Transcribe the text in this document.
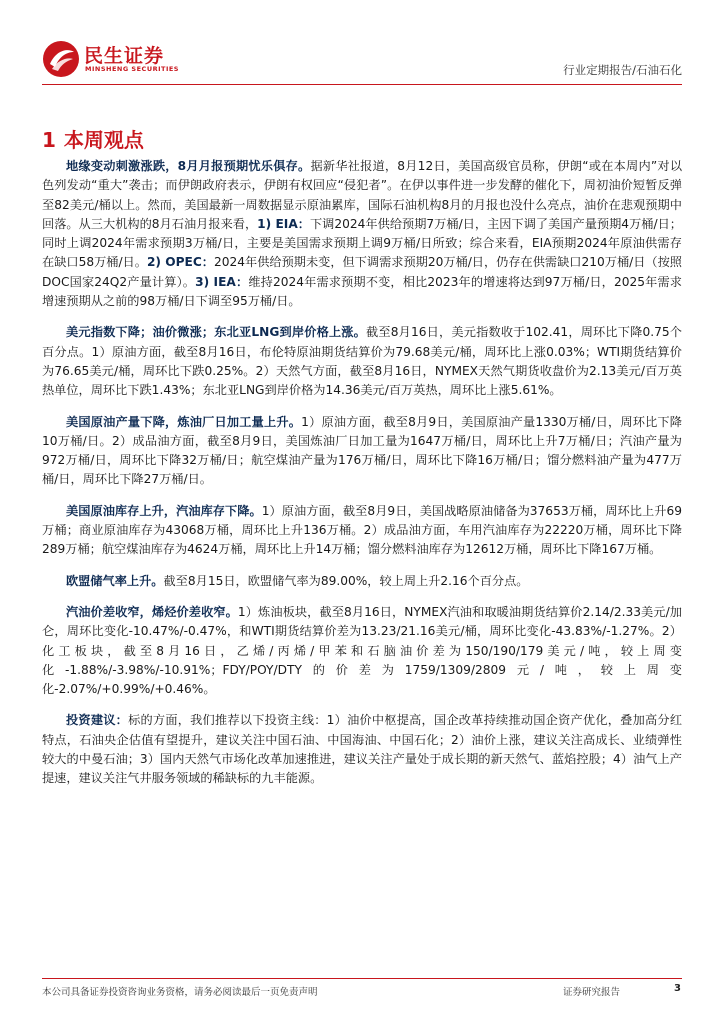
民生证券
MINSHENG SECURITIES	行业定期报告/石油石化
1 本周观点

地缘变动刺激涨跌，8月月报预期忧乐俱存。据新华社报道，8月12日，美国高级官员称，伊朗“或在本周内”对以色列发动“重大”袭击；而伊朗政府表示，伊朗有权回应“侵犯者”。在伊以事件进一步发酵的催化下，周初油价短暂反弹至82美元/桶以上。然而，美国最新一周数据显示原油累库，国际石油机构8月的月报也没什么亮点，油价在悲观预期中回落。从三大机构的8月石油月报来看，1) EIA：下调2024年供给预期7万桶/日，主因下调了美国产量预期4万桶/日；同时上调2024年需求预期3万桶/日，主要是美国需求预期上调9万桶/日所致；综合来看，EIA预期2024年原油供需存在缺口58万桶/日。2) OPEC：2024年供给预期未变，但下调需求预期20万桶/日，仍存在供需缺口210万桶/日（按照DOC国家24Q2产量计算）。3) IEA：维持2024年需求预期不变，相比2023年的增速将达到97万桶/日，2025年需求增速预期从之前的98万桶/日下调至95万桶/日。

美元指数下降；油价微涨；东北亚LNG到岸价格上涨。截至8月16日，美元指数收于102.41，周环比下降0.75个百分点。1）原油方面，截至8月16日，布伦特原油期货结算价为79.68美元/桶，周环比上涨0.03%；WTI期货结算价为76.65美元/桶，周环比下跌0.25%。2）天然气方面，截至8月16日，NYMEX天然气期货收盘价为2.13美元/百万英热单位，周环比下跌1.43%；东北亚LNG到岸价格为14.36美元/百万英热，周环比上涨5.61%。

美国原油产量下降，炼油厂日加工量上升。1）原油方面，截至8月9日，美国原油产量1330万桶/日，周环比下降10万桶/日。2）成品油方面，截至8月9日，美国炼油厂日加工量为1647万桶/日，周环比上升7万桶/日；汽油产量为972万桶/日，周环比下降32万桶/日；航空煤油产量为176万桶/日，周环比下降16万桶/日；馏分燃料油产量为477万桶/日，周环比下降27万桶/日。

美国原油库存上升，汽油库存下降。1）原油方面，截至8月9日，美国战略原油储备为37653万桶，周环比上升69万桶；商业原油库存为43068万桶，周环比上升136万桶。2）成品油方面，车用汽油库存为22220万桶，周环比下降289万桶；航空煤油库存为4624万桶，周环比上升14万桶；馏分燃料油库存为12612万桶，周环比下降167万桶。

欧盟储气率上升。截至8月15日，欧盟储气率为89.00%，较上周上升2.16个百分点。

汽油价差收窄，烯烃价差收窄。1）炼油板块，截至8月16日，NYMEX汽油和取暖油期货结算价2.14/2.33美元/加仑，周环比变化-10.47%/-0.47%，和WTI期货结算价差为13.23/21.16美元/桶，周环比变化-43.83%/-1.27%。2）化工板块，截至8月16日，乙烯/丙烯/甲苯和石脑油价差为150/190/179美元/吨，较上周变化-1.88%/-3.98%/-10.91%；FDY/POY/DTY的价差为1759/1309/2809元/吨，较上周变化-2.07%/+0.99%/+0.46%。

投资建议：标的方面，我们推荐以下投资主线：1）油价中枢提高，国企改革持续推动国企资产优化，叠加高分红特点，石油央企估值有望提升，建议关注中国石油、中国海油、中国石化；2）油价上涨，建议关注高成长、业绩弹性较大的中曼石油；3）国内天然气市场化改革加速推进，建议关注产量处于成长期的新天然气、蓝焰控股；4）油气上产提速，建议关注气井服务领域的稀缺标的九丰能源。

本公司具备证券投资咨询业务资格，请务必阅读最后一页免责声明	证券研究报告	3
